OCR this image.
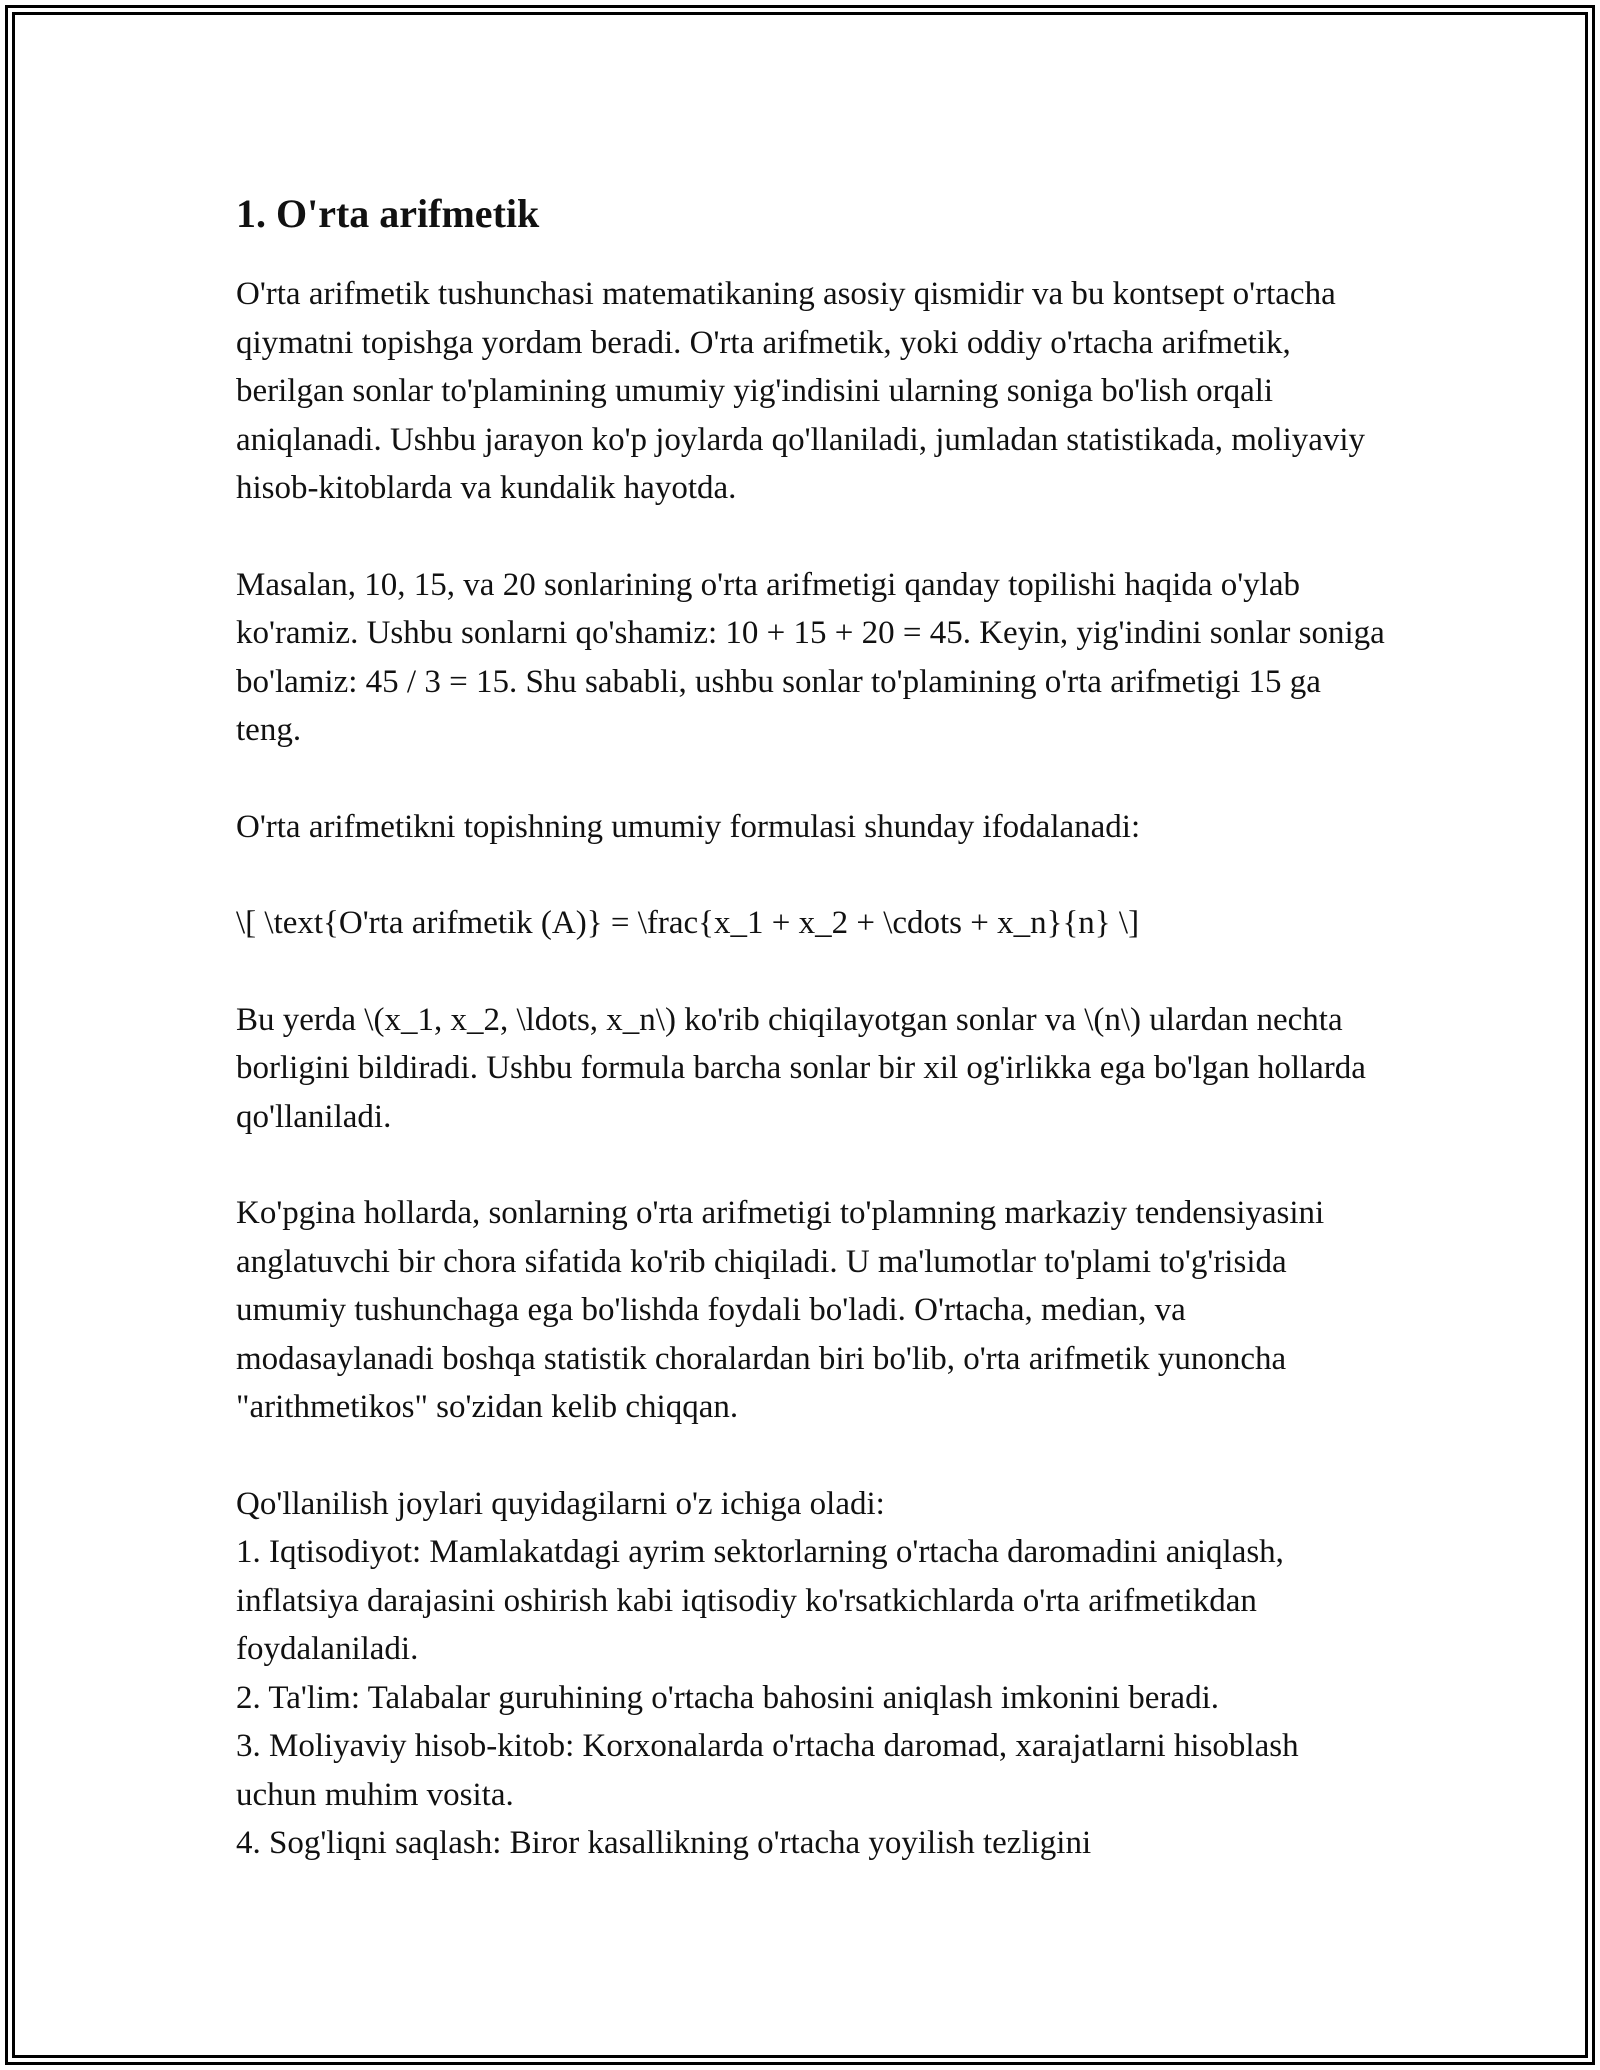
1. O'rta arifmetik

O'rta arifmetik tushunchasi matematikaning asosiy qismidir va bu kontsept o'rtacha qiymatni topishga yordam beradi. O'rta arifmetik, yoki oddiy o'rtacha arifmetik, berilgan sonlar to'plamining umumiy yig'indisini ularning soniga bo'lish orqali aniqlanadi. Ushbu jarayon ko'p joylarda qo'llaniladi, jumladan statistikada, moliyaviy hisob-kitoblarda va kundalik hayotda.

Masalan, 10, 15, va 20 sonlarining o'rta arifmetigi qanday topilishi haqida o'ylab ko'ramiz. Ushbu sonlarni qo'shamiz: 10 + 15 + 20 = 45. Keyin, yig'indini sonlar soniga bo'lamiz: 45 / 3 = 15. Shu sababli, ushbu sonlar to'plamining o'rta arifmetigi 15 ga teng.

O'rta arifmetikni topishning umumiy formulasi shunday ifodalanadi:

\[ \text{O'rta arifmetik (A)} = \frac{x_1 + x_2 + \cdots + x_n}{n} \]

Bu yerda \(x_1, x_2, \ldots, x_n\) ko'rib chiqilayotgan sonlar va \(n\) ulardan nechta borligini bildiradi. Ushbu formula barcha sonlar bir xil og'irlikka ega bo'lgan hollarda qo'llaniladi.

Ko'pgina hollarda, sonlarning o'rta arifmetigi to'plamning markaziy tendensiyasini anglatuvchi bir chora sifatida ko'rib chiqiladi. U ma'lumotlar to'plami to'g'risida umumiy tushunchaga ega bo'lishda foydali bo'ladi. O'rtacha, median, va modasaylanadi boshqa statistik choralardan biri bo'lib, o'rta arifmetik yunoncha "arithmetikos" so'zidan kelib chiqqan.

Qo'llanilish joylari quyidagilarni o'z ichiga oladi:
1. Iqtisodiyot: Mamlakatdagi ayrim sektorlarning o'rtacha daromadini aniqlash, inflatsiya darajasini oshirish kabi iqtisodiy ko'rsatkichlarda o'rta arifmetikdan foydalaniladi.
2. Ta'lim: Talabalar guruhining o'rtacha bahosini aniqlash imkonini beradi.
3. Moliyaviy hisob-kitob: Korxonalarda o'rtacha daromad, xarajatlarni hisoblash uchun muhim vosita.
4. Sog'liqni saqlash: Biror kasallikning o'rtacha yoyilish tezligini
